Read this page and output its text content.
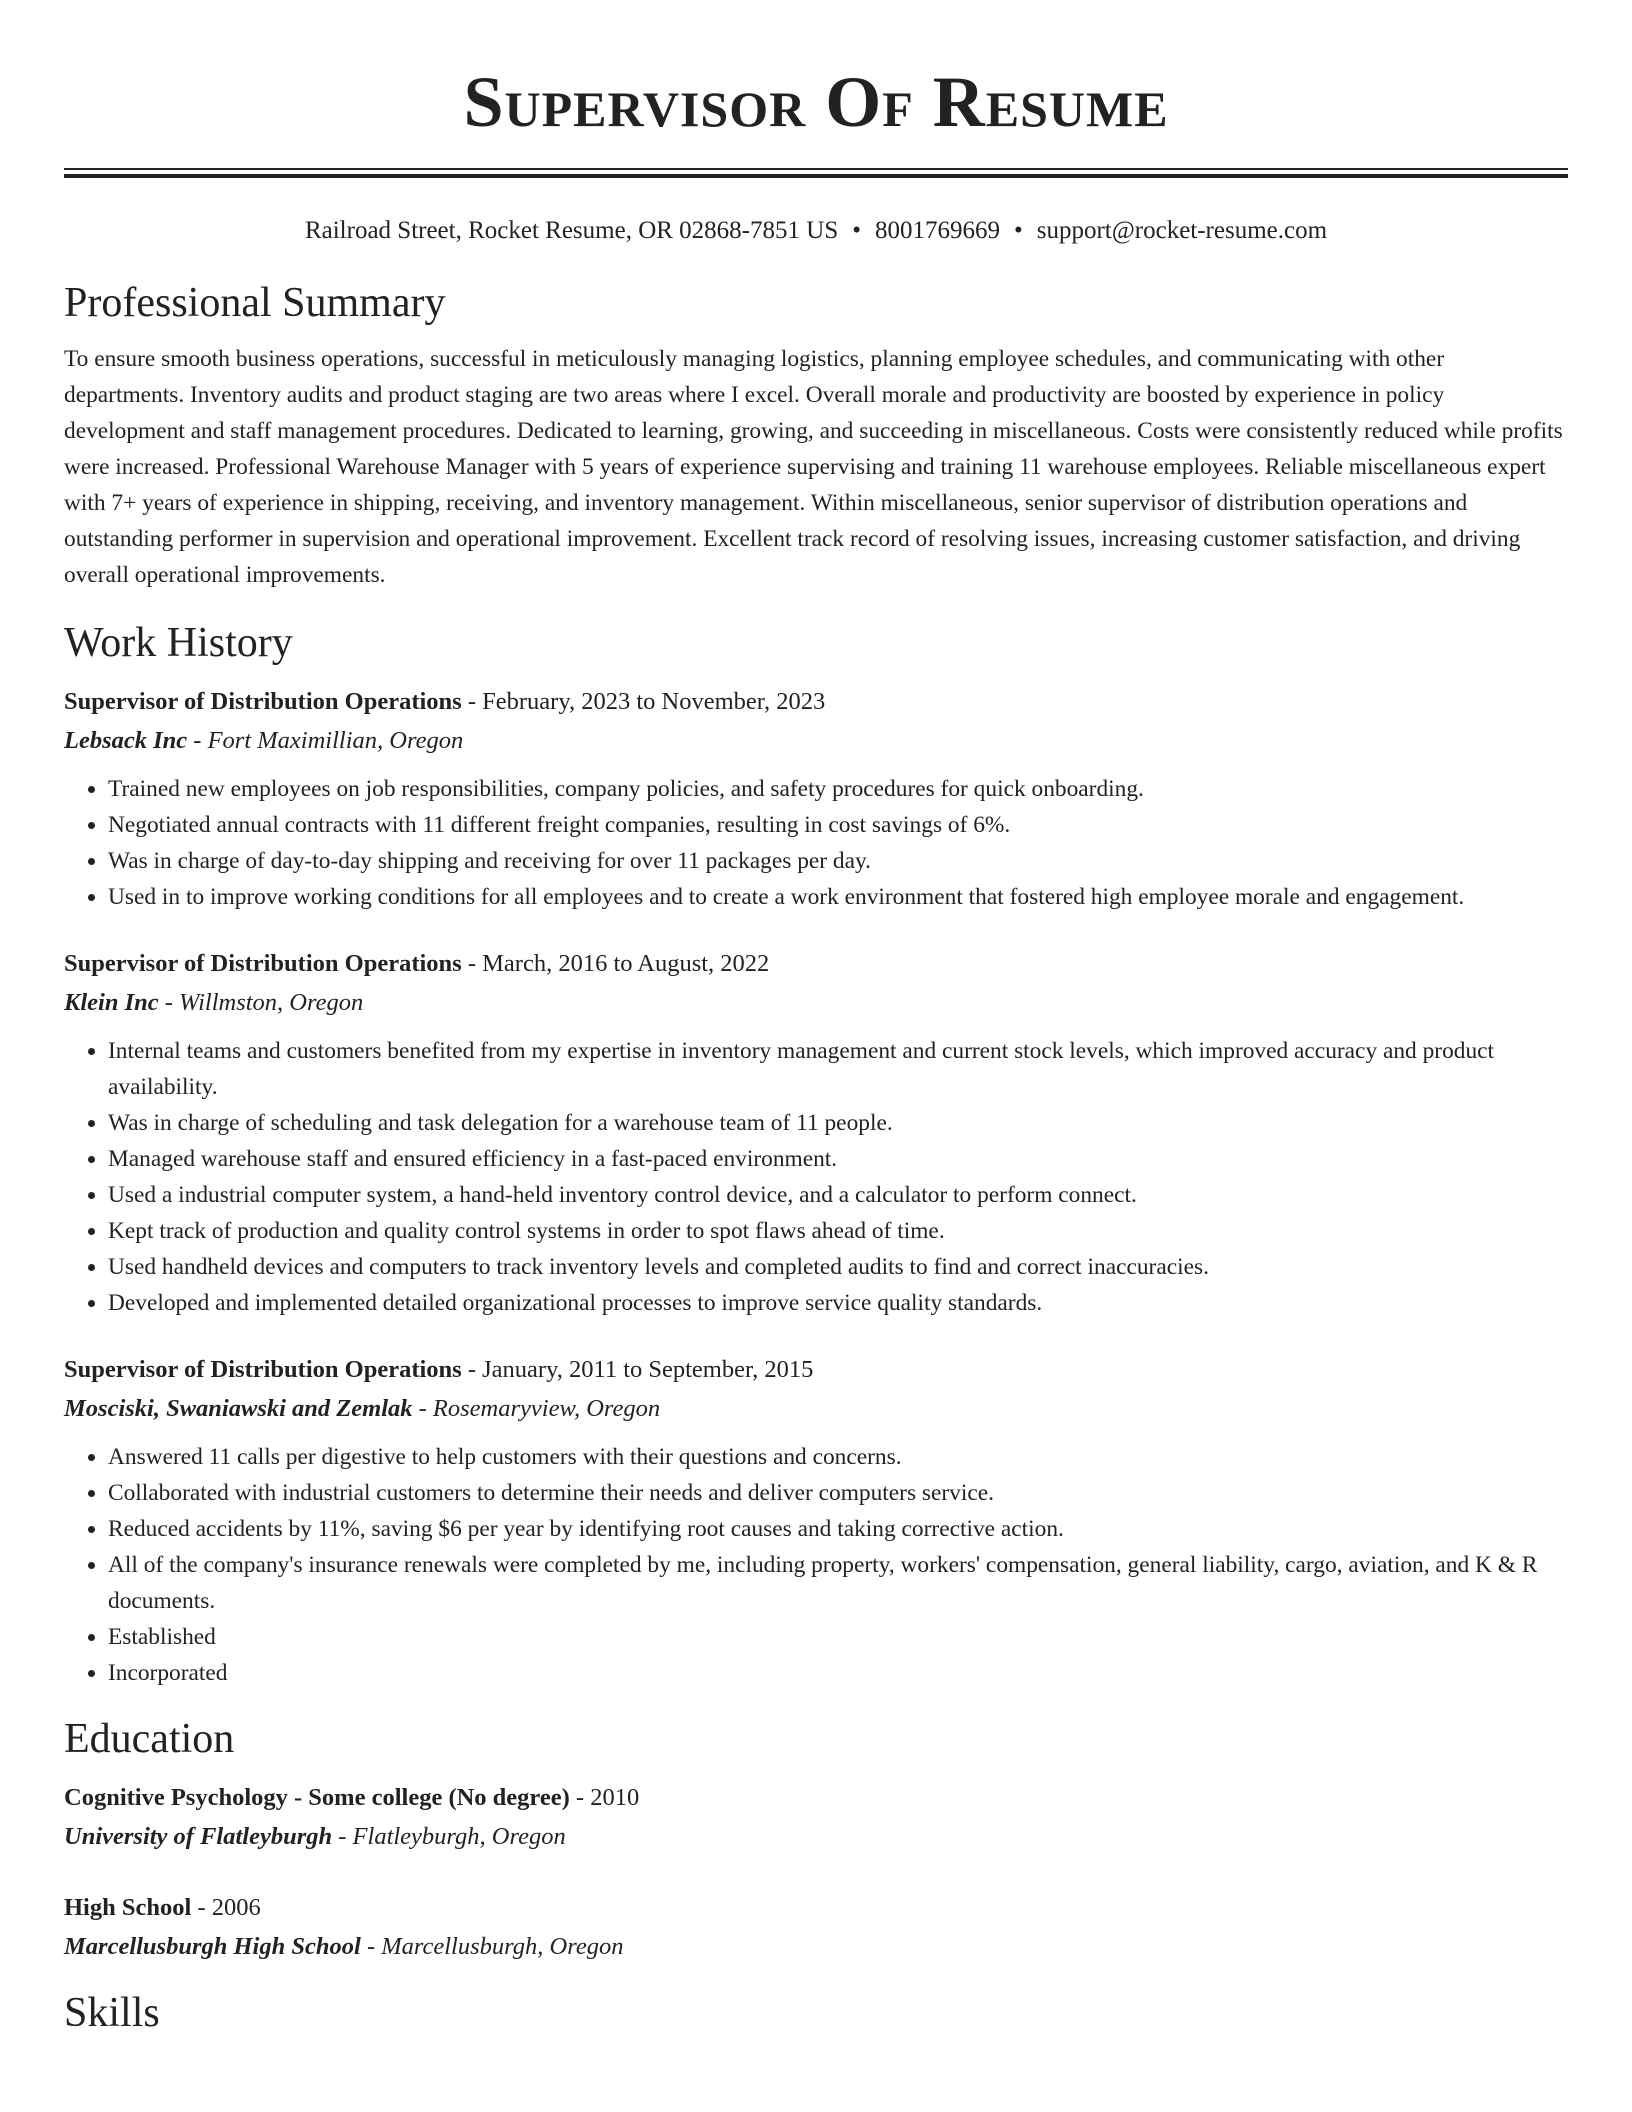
Supervisor Of Resume
Railroad Street, Rocket Resume, OR 02868-7851 US • 8001769669 • support@rocket-resume.com
Professional Summary

To ensure smooth business operations, successful in meticulously managing logistics, planning employee schedules, and communicating with other departments. Inventory audits and product staging are two areas where I excel. Overall morale and productivity are boosted by experience in policy development and staff management procedures. Dedicated to learning, growing, and succeeding in miscellaneous. Costs were consistently reduced while profits were increased. Professional Warehouse Manager with 5 years of experience supervising and training 11 warehouse employees. Reliable miscellaneous expert with 7+ years of experience in shipping, receiving, and inventory management. Within miscellaneous, senior supervisor of distribution operations and outstanding performer in supervision and operational improvement. Excellent track record of resolving issues, increasing customer satisfaction, and driving overall operational improvements.

Work History
Supervisor of Distribution Operations - February, 2023 to November, 2023
Lebsack Inc - Fort Maximillian, Oregon
• Trained new employees on job responsibilities, company policies, and safety procedures for quick onboarding.
• Negotiated annual contracts with 11 different freight companies, resulting in cost savings of 6%.
• Was in charge of day-to-day shipping and receiving for over 11 packages per day.
• Used in to improve working conditions for all employees and to create a work environment that fostered high employee morale and engagement.
Supervisor of Distribution Operations - March, 2016 to August, 2022
Klein Inc - Willmston, Oregon
• Internal teams and customers benefited from my expertise in inventory management and current stock levels, which improved accuracy and product availability.
• Was in charge of scheduling and task delegation for a warehouse team of 11 people.
• Managed warehouse staff and ensured efficiency in a fast-paced environment.
• Used a industrial computer system, a hand-held inventory control device, and a calculator to perform connect.
• Kept track of production and quality control systems in order to spot flaws ahead of time.
• Used handheld devices and computers to track inventory levels and completed audits to find and correct inaccuracies.
• Developed and implemented detailed organizational processes to improve service quality standards.
Supervisor of Distribution Operations - January, 2011 to September, 2015
Mosciski, Swaniawski and Zemlak - Rosemaryview, Oregon
• Answered 11 calls per digestive to help customers with their questions and concerns.
• Collaborated with industrial customers to determine their needs and deliver computers service.
• Reduced accidents by 11%, saving $6 per year by identifying root causes and taking corrective action.
• All of the company's insurance renewals were completed by me, including property, workers' compensation, general liability, cargo, aviation, and K & R documents.
• Established
• Incorporated
Education
Cognitive Psychology - Some college (No degree) - 2010
University of Flatleyburgh - Flatleyburgh, Oregon
High School - 2006
Marcellusburgh High School - Marcellusburgh, Oregon
Skills
